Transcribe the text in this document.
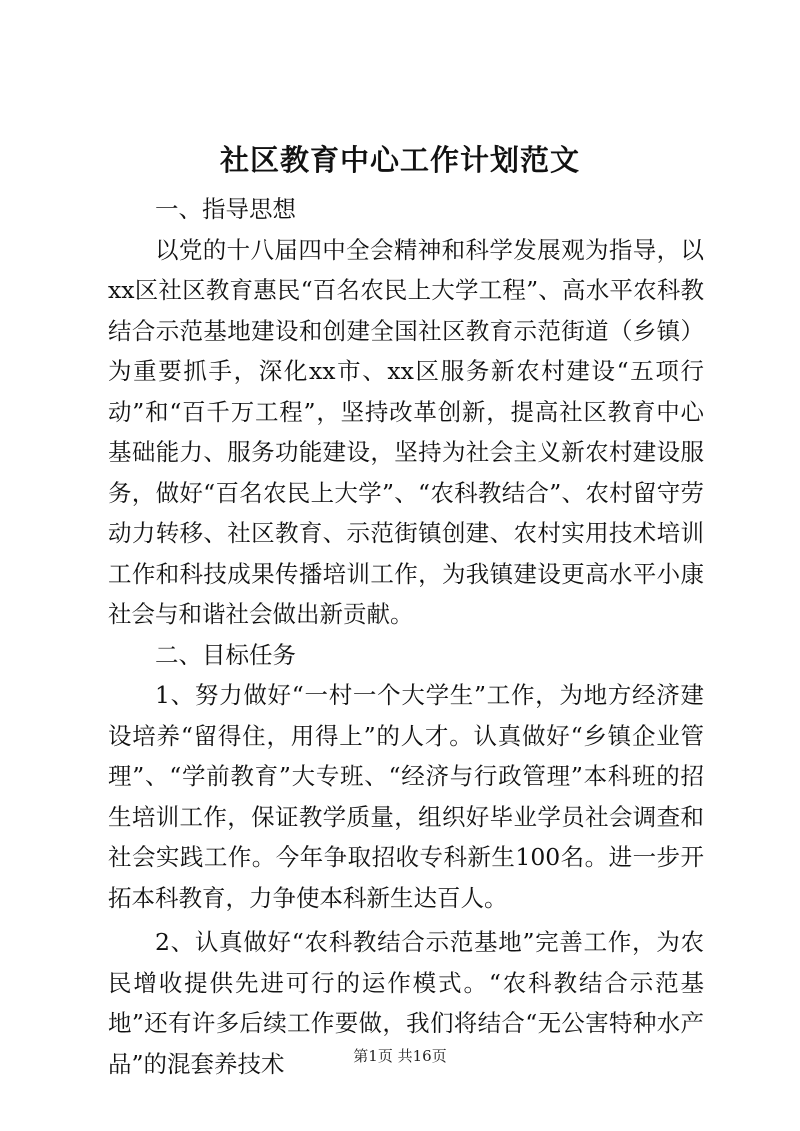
社区教育中心工作计划范文

一、指导思想

以党的十八届四中全会精神和科学发展观为指导，以xx区社区教育惠民“百名农民上大学工程”、高水平农科教结合示范基地建设和创建全国社区教育示范街道（乡镇）为重要抓手，深化xx市、xx区服务新农村建设“五项行动”和“百千万工程”，坚持改革创新，提高社区教育中心基础能力、服务功能建设，坚持为社会主义新农村建设服务，做好“百名农民上大学”、“农科教结合”、农村留守劳动力转移、社区教育、示范街镇创建、农村实用技术培训工作和科技成果传播培训工作，为我镇建设更高水平小康社会与和谐社会做出新贡献。

二、目标任务

1、努力做好“一村一个大学生”工作，为地方经济建设培养“留得住，用得上”的人才。认真做好“乡镇企业管理”、“学前教育”大专班、“经济与行政管理”本科班的招生培训工作，保证教学质量，组织好毕业学员社会调查和社会实践工作。今年争取招收专科新生100名。进一步开拓本科教育，力争使本科新生达百人。

2、认真做好“农科教结合示范基地”完善工作，为农民增收提供先进可行的运作模式。“农科教结合示范基地”还有许多后续工作要做，我们将结合“无公害特种水产品”的混套养技术	第1页 共16页
